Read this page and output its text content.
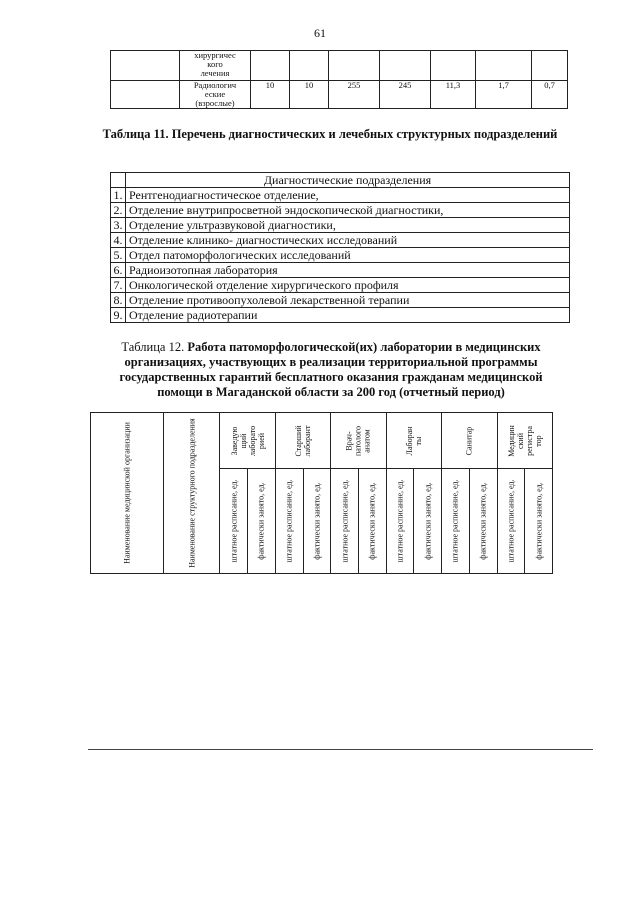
61
	хирургичес
кого
лечения							
	Радиологич
еские
(взрослые)	10	10	255	245	11,3	1,7	0,7
Таблица 11. Перечень диагностических и лечебных структурных подразделений
	Диагностические подразделения
1.	Рентгенодиагностическое отделение,
2.	Отделение внутрипросветной эндоскопической диагностики,
3.	Отделение ультразвуковой диагностики,
4.	Отделение клинико- диагностических исследований
5.	Отдел патоморфологических исследований
6.	Радиоизотопная лаборатория
7.	Онкологической отделение хирургического профиля
8.	Отделение противоопухолевой лекарственной терапии
9.	Отделение радиотерапии
Таблица 12. Работа патоморфологической(их) лаборатории в медицинских организациях, участвующих в реализации территориальной программы государственных гарантий бесплатного оказания гражданам медицинской помощи в Магаданской области за 200 год (отчетный период)
Наименование медицинской организации	Наименование структурного подразделения	Заведую
щий
лаборато
рией		Старший
лаборант		Врач-
патолого
анатом		Лаборан
ты		Санитар		Медицин
ский
регистра
тор	

		штатное расписание, ед.	фактически занято, ед.	штатное расписание, ед.	фактически занято, ед.	штатное расписание, ед.	фактически занято, ед.	штатное расписание, ед.	фактически занято, ед.	штатное расписание, ед.	фактически занято, ед.	штатное расписание, ед.	фактически занято, ед.
